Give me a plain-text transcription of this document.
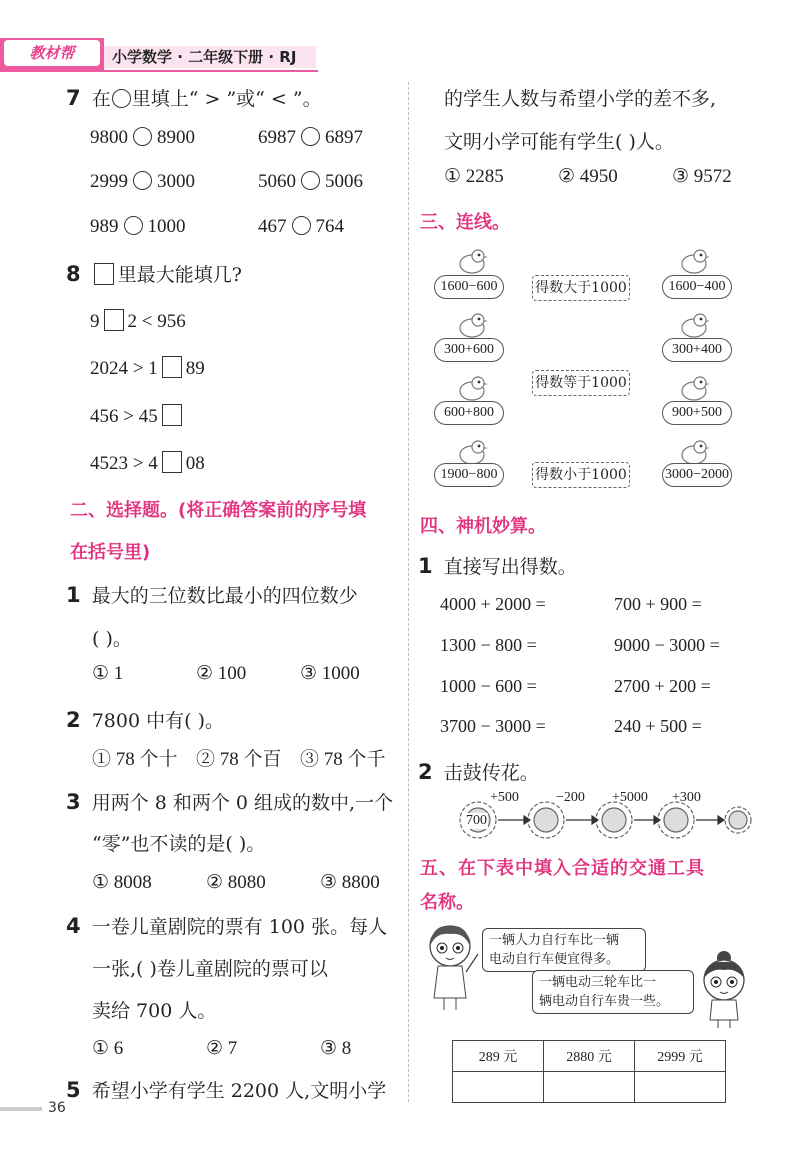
教材帮	小学数学 · 二年级下册 · RJ
7 在 里填上“ > ”或“ < ”。
9800 8900	6987 6897
2999 3000	5060 5006
989 1000	467 764
8 里最大能填几?
9 2 < 956
2024 > 1 89
456 > 45
4523 > 4 08
二、选择题。(将正确答案前的序号填
在括号里)
1 最大的三位数比最小的四位数少
( )。
① 1	② 100	③ 1000
2 7800 中有( )。
① 78 个十 ② 78 个百 ③ 78 个千
3 用两个 8 和两个 0 组成的数中,一个
“零”也不读的是( )。
① 8008	② 8080	③ 8800
4 一卷儿童剧院的票有 100 张。每人
一张,( )卷儿童剧院的票可以
卖给 700 人。
① 6	② 7	③ 8
5 希望小学有学生 2200 人,文明小学
36
的学生人数与希望小学的差不多,
文明小学可能有学生( )人。
① 2285	② 4950	③ 9572
三、连线。
1600−600
300+600
600+800
1900−800
得数大于1000
得数等于1000
得数小于1000
1600−400
300+400
900+500
3000−2000
四、神机妙算。
1 直接写出得数。
4000 + 2000 =	700 + 900 =
1300 − 800 =	9000 − 3000 =
1000 − 600 =	2700 + 200 =
3700 − 3000 =	240 + 500 =
2 击鼓传花。
700
+500	−200 +5000 +300
五、在下表中填入合适的交通工具
名称。
一辆人力自行车比一辆
电动自行车便宜得多。
一辆电动三轮车比一
辆电动自行车贵一些。
289 元	2880 元	2999 元
